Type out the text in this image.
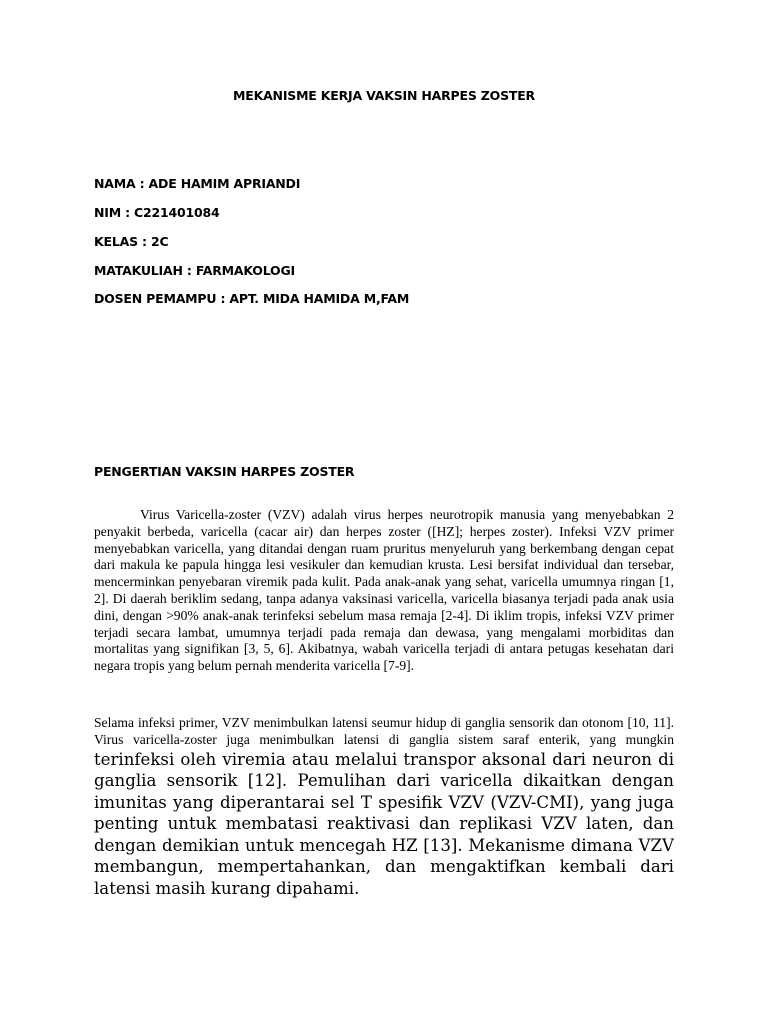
MEKANISME KERJA VAKSIN HARPES ZOSTER
NAMA : ADE HAMIM APRIANDI
NIM : C221401084
KELAS : 2C
MATAKULIAH : FARMAKOLOGI
DOSEN PEMAMPU : APT. MIDA HAMIDA M,FAM
PENGERTIAN VAKSIN HARPES ZOSTER
Virus Varicella-zoster (VZV) adalah virus herpes neurotropik manusia yang menyebabkan 2 penyakit berbeda, varicella (cacar air) dan herpes zoster ([HZ]; herpes zoster). Infeksi VZV primer menyebabkan varicella, yang ditandai dengan ruam pruritus menyeluruh yang berkembang dengan cepat dari makula ke papula hingga lesi vesikuler dan kemudian krusta. Lesi bersifat individual dan tersebar, mencerminkan penyebaran viremik pada kulit. Pada anak-anak yang sehat, varicella umumnya ringan [1, 2]. Di daerah beriklim sedang, tanpa adanya vaksinasi varicella, varicella biasanya terjadi pada anak usia dini, dengan >90% anak-anak terinfeksi sebelum masa remaja [2-4]. Di iklim tropis, infeksi VZV primer terjadi secara lambat, umumnya terjadi pada remaja dan dewasa, yang mengalami morbiditas dan mortalitas yang signifikan [3, 5, 6]. Akibatnya, wabah varicella terjadi di antara petugas kesehatan dari negara tropis yang belum pernah menderita varicella [7-9].
Selama infeksi primer, VZV menimbulkan latensi seumur hidup di ganglia sensorik dan otonom [10, 11]. Virus varicella-zoster juga menimbulkan latensi di ganglia sistem saraf enterik, yang mungkin terinfeksi oleh viremia atau melalui transpor aksonal dari neuron di ganglia sensorik [12]. Pemulihan dari varicella dikaitkan dengan imunitas yang diperantarai sel T spesifik VZV (VZV-CMI), yang juga penting untuk membatasi reaktivasi dan replikasi VZV laten, dan dengan demikian untuk mencegah HZ [13]. Mekanisme dimana VZV membangun, mempertahankan, dan mengaktifkan kembali dari latensi masih kurang dipahami.
